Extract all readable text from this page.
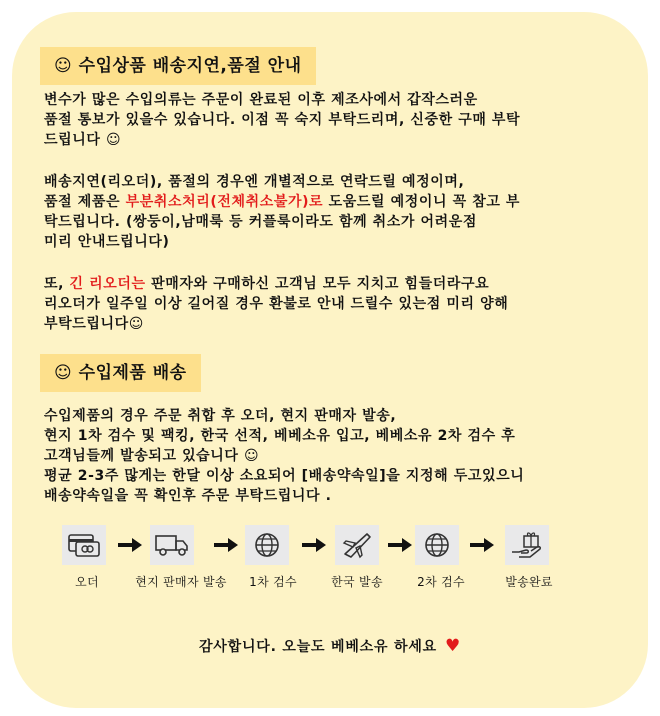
☺ 수입상품 배송지연,품절 안내
변수가 많은 수입의류는 주문이 완료된 이후 제조사에서 갑작스러운
품절 통보가 있을수 있습니다. 이점 꼭 숙지 부탁드리며, 신중한 구매 부탁
드립니다 ☺
배송지연(리오더), 품절의 경우엔 개별적으로 연락드릴 예정이며,
품절 제품은 부분취소처리(전체취소불가)로 도움드릴 예정이니 꼭 참고 부
탁드립니다. (쌍둥이,남매룩 등 커플룩이라도 함께 취소가 어려운점
미리 안내드립니다)
또, 긴 리오더는 판매자와 구매하신 고객님 모두 지치고 힘들더라구요
리오더가 일주일 이상 길어질 경우 환불로 안내 드릴수 있는점 미리 양해
부탁드립니다☺
☺ 수입제품 배송
수입제품의 경우 주문 취합 후 오더, 현지 판매자 발송,
현지 1차 검수 및 팩킹, 한국 선적, 베베소유 입고, 베베소유 2차 검수 후
고객님들께 발송되고 있습니다 ☺
평균 2-3주 많게는 한달 이상 소요되어 [배송약속일]을 지정해 두고있으니
배송약속일을 꼭 확인후 주문 부탁드립니다 .
오더	현지 판매자 발송 1차 검수	한국 발송	2차 검수	발송완료
감사합니다. 오늘도 베베소유 하세요 ♥
